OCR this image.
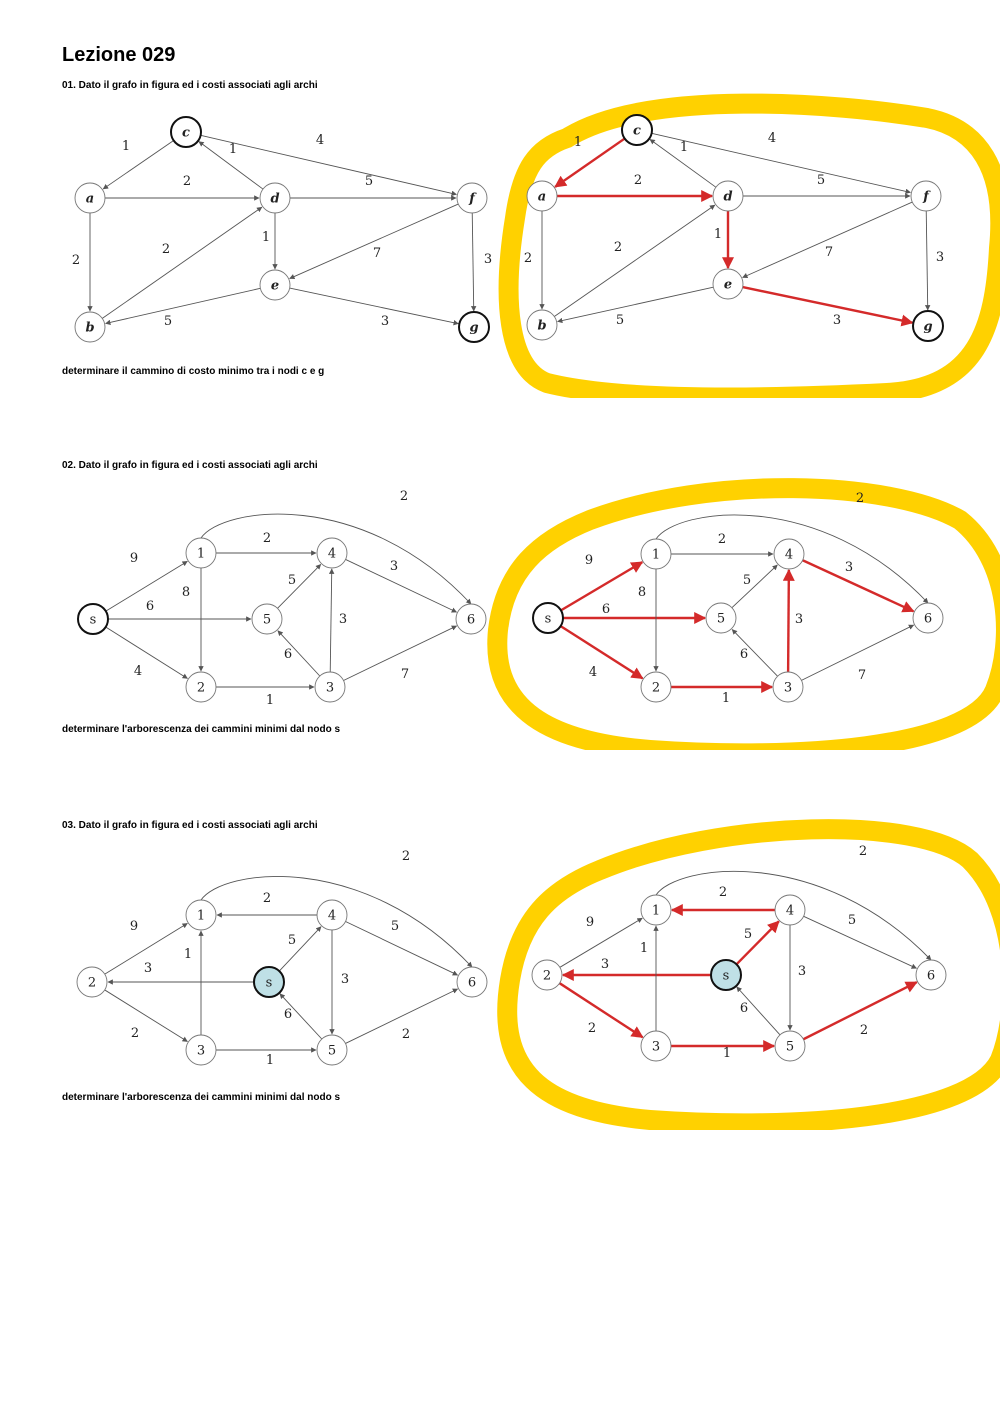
Lezione 029

01. Dato il grafo in figura ed i costi associati agli archi

1	1
4
2	5
2
2
1
7	3
5	3
a
b
c
d
e
f
g
1	1
4
2	5
2
2
1
7	3
5	3
a
b
c
d
e
f
g

determinare il cammino di costo minimo tra i nodi c e g

02. Dato il grafo in figura ed i costi associati agli archi

9
6
4
2
8
2
5
6
3
1
3
7
s
1
2	3
4
5	6
9
6
4
2
8
2
5
6
3
1
3
7
s
1
2	3
4
5	6

determinare l'arborescenza dei cammini minimi dal nodo s

03. Dato il grafo in figura ed i costi associati agli archi

9
3
2
1
2
2
5
6
3
5
1
2
s
1
2
3
4
5
6
9
3
2
1
2
2
5
6
3
5
1
2
s
1
2
3
4
5
6

determinare l'arborescenza dei cammini minimi dal nodo s
